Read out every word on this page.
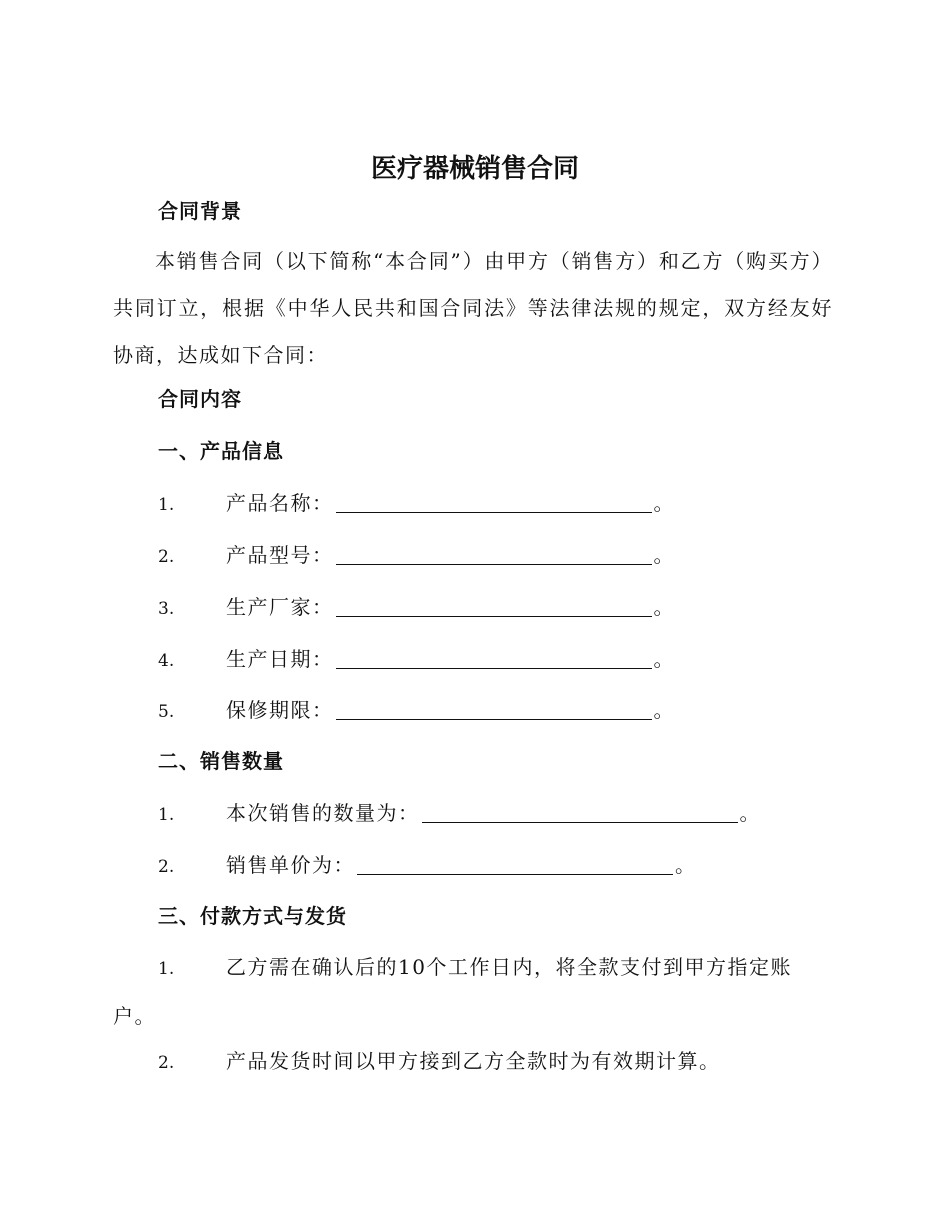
医疗器械销售合同
合同背景
本销售合同（以下简称“本合同”）由甲方（销售方）和乙方（购买方）共同订立，根据《中华人民共和国合同法》等法律法规的规定，双方经友好协商，达成如下合同：
合同内容
一、产品信息
1.	产品名称：	。
2.	产品型号：	。
3.	生产厂家：	。
4.	生产日期：	。
5.	保修期限：	。
二、销售数量
1.	本次销售的数量为：	。
2.	销售单价为：	。
三、付款方式与发货
1.	乙方需在确认后的10个工作日内，将全款支付到甲方指定账户。
2.	产品发货时间以甲方接到乙方全款时为有效期计算。
